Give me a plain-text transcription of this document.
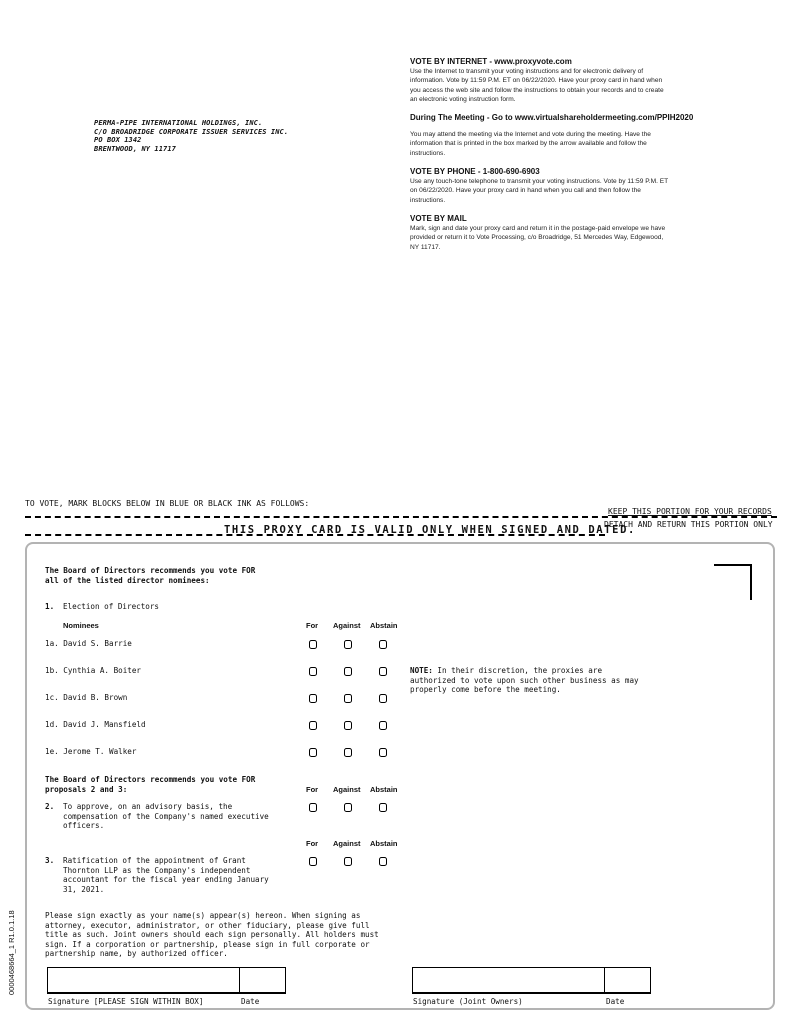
PERMA-PIPE INTERNATIONAL HOLDINGS, INC.
C/O BROADRIDGE CORPORATE ISSUER SERVICES INC.
PO BOX 1342
BRENTWOOD, NY 11717
VOTE BY INTERNET - www.proxyvote.com

Use the Internet to transmit your voting instructions and for electronic delivery of
information. Vote by 11:59 P.M. ET on 06/22/2020. Have your proxy card in hand when
you access the web site and follow the instructions to obtain your records and to create
an electronic voting instruction form.

During The Meeting - Go to www.virtualshareholdermeeting.com/PPIH2020

You may attend the meeting via the Internet and vote during the meeting. Have the
information that is printed in the box marked by the arrow available and follow the
instructions.

VOTE BY PHONE - 1-800-690-6903

Use any touch-tone telephone to transmit your voting instructions. Vote by 11:59 P.M. ET
on 06/22/2020. Have your proxy card in hand when you call and then follow the
instructions.

VOTE BY MAIL

Mark, sign and date your proxy card and return it in the postage-paid envelope we have
provided or return it to Vote Processing, c/o Broadridge, 51 Mercedes Way, Edgewood,
NY 11717.

TO VOTE, MARK BLOCKS BELOW IN BLUE OR BLACK INK AS FOLLOWS:
KEEP THIS PORTION FOR YOUR RECORDS
DETACH AND RETURN THIS PORTION ONLY
THIS PROXY CARD IS VALID ONLY WHEN SIGNED AND DATED.
The Board of Directors recommends you vote FOR
all of the listed director nominees:
1. Election of Directors
Nominees	For Against Abstain
1a. David S. Barrie
1b. Cynthia A. Boiter
1c. David B. Brown
1d. David J. Mansfield
1e. Jerome T. Walker
NOTE: In their discretion, the proxies are
authorized to vote upon such other business as may
properly come before the meeting.
The Board of Directors recommends you vote FOR
proposals 2 and 3:	For Against Abstain
2. To approve, on an advisory basis, the
compensation of the Company's named executive
officers.
For Against Abstain
3. Ratification of the appointment of Grant
Thornton LLP as the Company's independent
accountant for the fiscal year ending January
31, 2021.
Please sign exactly as your name(s) appear(s) hereon. When signing as
attorney, executor, administrator, or other fiduciary, please give full
title as such. Joint owners should each sign personally. All holders must
sign. If a corporation or partnership, please sign in full corporate or
partnership name, by authorized officer.
Signature [PLEASE SIGN WITHIN BOX]	Date	Signature (Joint Owners)	Date
0000468664_1 R1.0.1.18
